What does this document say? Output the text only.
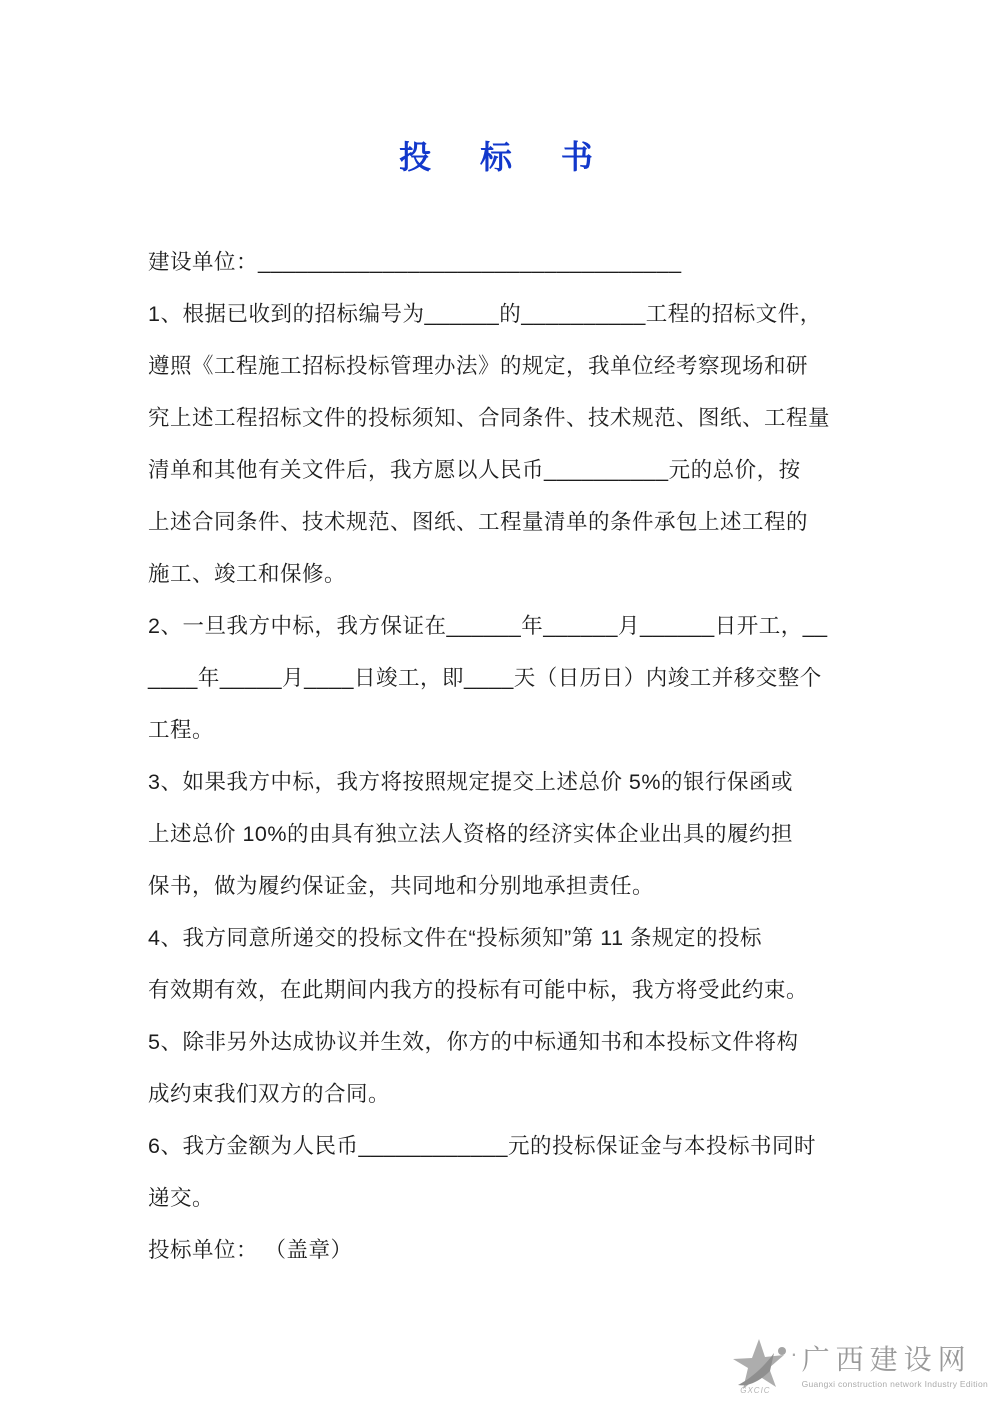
投 标 书
建设单位：__________________________________
1、根据已收到的招标编号为______的__________工程的招标文件，
遵照《工程施工招标投标管理办法》的规定，我单位经考察现场和研
究上述工程招标文件的投标须知、合同条件、技术规范、图纸、工程量
清单和其他有关文件后，我方愿以人民币__________元的总价，按
上述合同条件、技术规范、图纸、工程量清单的条件承包上述工程的
施工、竣工和保修。
2、一旦我方中标，我方保证在______年______月______日开工，__
____年_____月____日竣工，即____天（日历日）内竣工并移交整个
工程。
3、如果我方中标，我方将按照规定提交上述总价 5%的银行保函或
上述总价 10%的由具有独立法人资格的经济实体企业出具的履约担
保书，做为履约保证金，共同地和分别地承担责任。
4、我方同意所递交的投标文件在“投标须知”第 11 条规定的投标
有效期有效，在此期间内我方的投标有可能中标，我方将受此约束。
5、除非另外达成协议并生效，你方的中标通知书和本投标文件将构
成约束我们双方的合同。
6、我方金额为人民币____________元的投标保证金与本投标书同时
递交。
投标单位： （盖章）
GXCIC
· 广西建设网
Guangxi construction network Industry Edition
